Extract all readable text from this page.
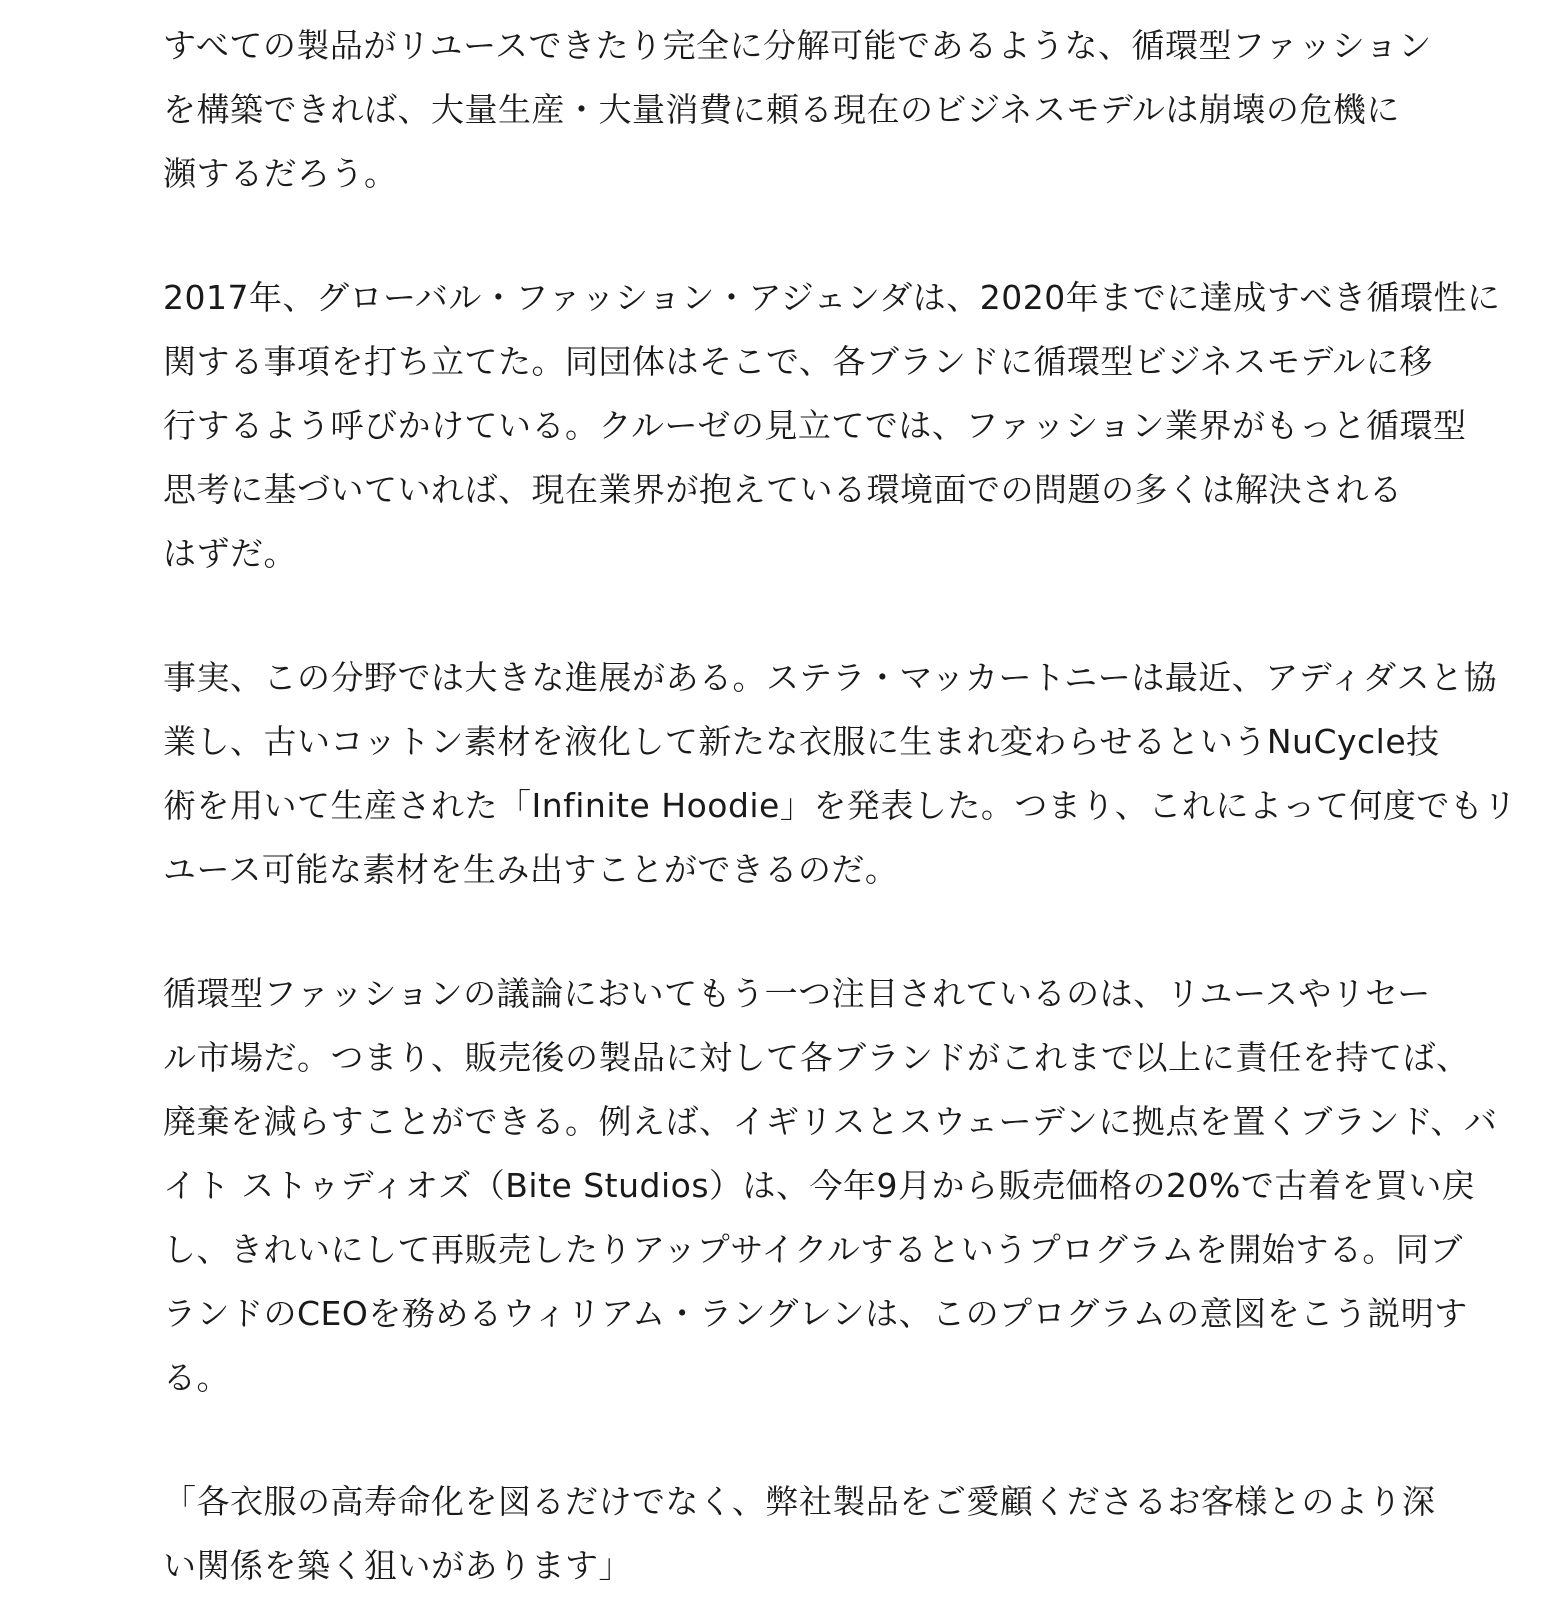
すべての製品がリユースできたり完全に分解可能であるような、循環型ファッション
を構築できれば、大量生産・大量消費に頼る現在のビジネスモデルは崩壊の危機に
瀕するだろう。
2017年、グローバル・ファッション・アジェンダは、2020年までに達成すべき循環性に
関する事項を打ち立てた。同団体はそこで、各ブランドに循環型ビジネスモデルに移
行するよう呼びかけている。クルーゼの見立てでは、ファッション業界がもっと循環型
思考に基づいていれば、現在業界が抱えている環境面での問題の多くは解決される
はずだ。
事実、この分野では大きな進展がある。ステラ・マッカートニーは最近、アディダスと協
業し、古いコットン素材を液化して新たな衣服に生まれ変わらせるというNuCycle技
術を用いて生産された「Infinite Hoodie」を発表した。つまり、これによって何度でもリ
ユース可能な素材を生み出すことができるのだ。
循環型ファッションの議論においてもう一つ注目されているのは、リユースやリセー
ル市場だ。つまり、販売後の製品に対して各ブランドがこれまで以上に責任を持てば、
廃棄を減らすことができる。例えば、イギリスとスウェーデンに拠点を置くブランド、バ
イト ストゥディオズ（Bite Studios）は、今年9月から販売価格の20%で古着を買い戻
し、きれいにして再販売したりアップサイクルするというプログラムを開始する。同ブ
ランドのCEOを務めるウィリアム・ラングレンは、このプログラムの意図をこう説明す
る。
「各衣服の高寿命化を図るだけでなく、弊社製品をご愛顧くださるお客様とのより深
い関係を築く狙いがあります」
